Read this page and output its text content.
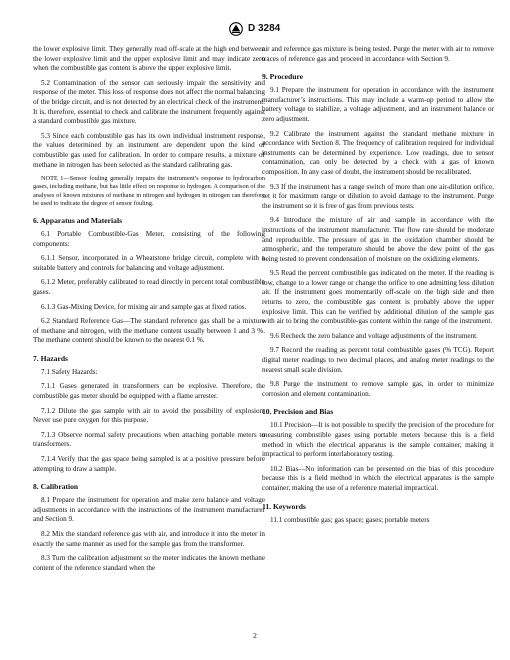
D 3284

the lower explosive limit. They generally read off-scale at the high end between the lower explosive limit and the upper explosive limit and may indicate zero when the combustible gas content is above the upper explosive limit.

5.2 Contamination of the sensor can seriously impair the sensitivity and response of the meter. This loss of response does not affect the normal balancing of the bridge circuit, and is not detected by an electrical check of the instrument. It is, therefore, essential to check and calibrate the instrument frequently against a standard combustible gas mixture.

5.3 Since each combustible gas has its own individual instrument response, the values determined by an instrument are dependent upon the kind of combustible gas used for calibration. In order to compare results, a mixture of methane in nitrogen has been selected as the standard calibrating gas.

NOTE 1—Sensor fouling generally impairs the instrument’s response to hydrocarbon gases, including methane, but has little effect on response to hydrogen. A comparison of the analyses of known mixtures of methane in nitrogen and hydrogen in nitrogen can therefore be used to indicate the degree of sensor fouling.

6. Apparatus and Materials

6.1 Portable Combustible-Gas Meter, consisting of the following components:

6.1.1 Sensor, incorporated in a Wheatstone bridge circuit, complete with a suitable battery and controls for balancing and voltage adjustment.

6.1.2 Meter, preferably calibrated to read directly in percent total combustible gases.

6.1.3 Gas-Mixing Device, for mixing air and sample gas at fixed ratios.

6.2 Standard Reference Gas—The standard reference gas shall be a mixture of methane and nitrogen, with the methane content usually between 1 and 3 %. The methane content should be known to the nearest 0.1 %.

7. Hazards

7.1 Safety Hazards:

7.1.1 Gases generated in transformers can be explosive. Therefore, the combustible gas meter should be equipped with a flame arrester.

7.1.2 Dilute the gas sample with air to avoid the possibility of explosion. Never use pure oxygen for this purpose.

7.1.3 Observe normal safety precautions when attaching portable meters to transformers.

7.1.4 Verify that the gas space being sampled is at a positive pressure before attempting to draw a sample.

8. Calibration

8.1 Prepare the instrument for operation and make zero balance and voltage adjustments in accordance with the instructions of the instrument manufacturer and Section 9.

8.2 Mix the standard reference gas with air, and introduce it into the meter in exactly the same manner as used for the sample gas from the transformer.

8.3 Turn the calibration adjustment so the meter indicates the known methane content of the reference standard when the

air and reference gas mixture is being tested. Purge the meter with air to remove traces of reference gas and proceed in accordance with Section 9.

9. Procedure

9.1 Prepare the instrument for operation in accordance with the instrument manufacturer’s instructions. This may include a warm-up period to allow the battery voltage to stabilize, a voltage adjustment, and an instrument balance or zero adjustment.

9.2 Calibrate the instrument against the standard methane mixture in accordance with Section 8. The frequency of calibration required for individual instruments can be determined by experience. Low readings, due to sensor contamination, can only be detected by a check with a gas of known composition. In any case of doubt, the instrument should be recalibrated.

9.3 If the instrument has a range switch of more than one air-dilution orifice, set it for maximum range or dilution to avoid damage to the instrument. Purge the instrument so it is free of gas from previous tests.

9.4 Introduce the mixture of air and sample in accordance with the instructions of the instrument manufacturer. The flow rate should be moderate and reproducible. The pressure of gas in the oxidation chamber should be atmospheric, and the temperature should be above the dew point of the gas being tested to prevent condensation of moisture on the oxidizing elements.

9.5 Read the percent combustible gas indicated on the meter. If the reading is low, change to a lower range or change the orifice to one admitting less dilution air. If the instrument goes momentarily off-scale on the high side and then returns to zero, the combustible gas content is probably above the upper explosive limit. This can be verified by additional dilution of the sample gas with air to bring the combustible-gas content within the range of the instrument.

9.6 Recheck the zero balance and voltage adjustments of the instrument.

9.7 Record the reading as percent total combustible gases (% TCG). Report digital meter readings to two decimal places, and analog meter readings to the nearest small scale division.

9.8 Purge the instrument to remove sample gas, in order to minimize corrosion and element contamination.

10. Precision and Bias

10.1 Precision—It is not possible to specify the precision of the procedure for measuring combustible gases using portable meters because this is a field method in which the electrical apparatus is the sample container, making it impractical to perform interlaboratory testing.

10.2 Bias—No information can be presented on the bias of this procedure because this is a field method in which the electrical apparatus is the sample container, making the use of a reference material impractical.

11. Keywords

11.1 combustible gas; gas space; gases; portable meters

2
